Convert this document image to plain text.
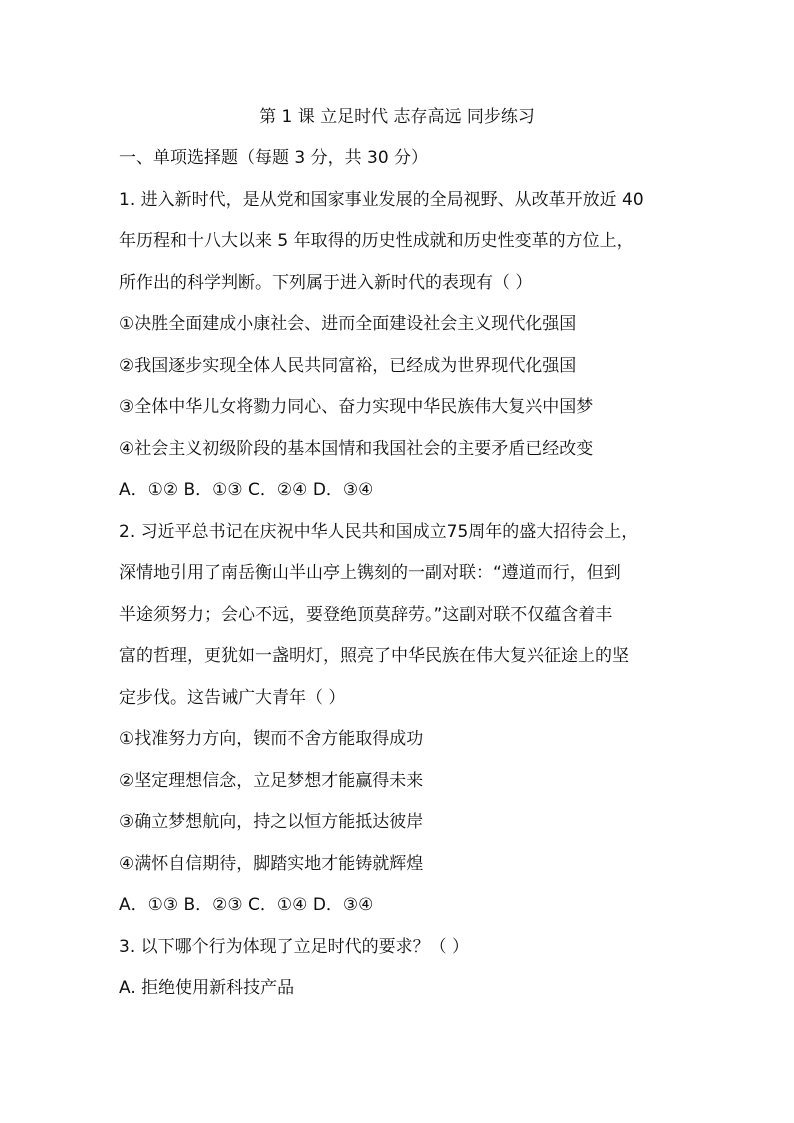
第 1 课 立足时代 志存高远 同步练习
一、单项选择题（每题 3 分，共 30 分）
1. 进入新时代，是从党和国家事业发展的全局视野、从改革开放近 40
年历程和十八大以来 5 年取得的历史性成就和历史性变革的方位上，
所作出的科学判断。下列属于进入新时代的表现有（ ）
①决胜全面建成小康社会、进而全面建设社会主义现代化强国
②我国逐步实现全体人民共同富裕，已经成为世界现代化强国
③全体中华儿女将勠力同心、奋力实现中华民族伟大复兴中国梦
④社会主义初级阶段的基本国情和我国社会的主要矛盾已经改变
A．①② B．①③ C．②④ D．③④
2. 习近平总书记在庆祝中华人民共和国成立75周年的盛大招待会上，
深情地引用了南岳衡山半山亭上镌刻的一副对联：“遵道而行，但到
半途须努力；会心不远，要登绝顶莫辞劳。”这副对联不仅蕴含着丰
富的哲理，更犹如一盏明灯，照亮了中华民族在伟大复兴征途上的坚
定步伐。这告诫广大青年（ ）
①找准努力方向，锲而不舍方能取得成功
②坚定理想信念，立足梦想才能赢得未来
③确立梦想航向，持之以恒方能抵达彼岸
④满怀自信期待，脚踏实地才能铸就辉煌
A．①③ B．②③ C．①④ D．③④
3. 以下哪个行为体现了立足时代的要求？（ ）
A. 拒绝使用新科技产品
